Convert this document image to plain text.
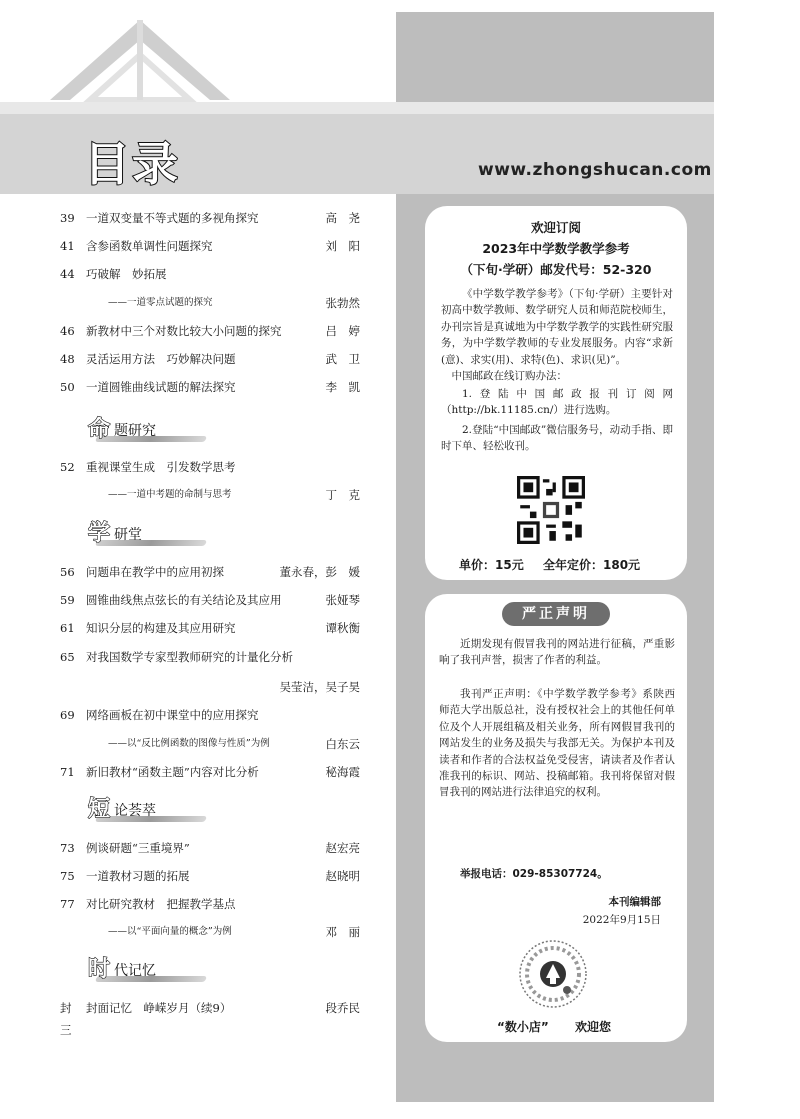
目录	www.zhongshucan.com
39 一道双变量不等式题的多视角探究	高　尧
41 含参函数单调性问题探究	刘　阳
44 巧破解　妙拓展
——一道零点试题的探究	张勃然
46 新教材中三个对数比较大小问题的探究	吕　婷
48 灵活运用方法　巧妙解决问题	武　卫
50 一道圆锥曲线试题的解法探究	李　凯
命 题研究
52 重视课堂生成　引发数学思考
——一道中考题的命制与思考	丁　克
学 研堂
56 问题串在教学中的应用初探	董永春，彭　媛
59 圆锥曲线焦点弦长的有关结论及其应用	张娅琴
61 知识分层的构建及其应用研究	谭秋衡
65 对我国数学专家型教师研究的计量化分析
吴莹洁，吴子昊
69 网络画板在初中课堂中的应用探究
——以“反比例函数的图像与性质”为例	白东云
71 新旧教材“函数主题”内容对比分析	秘海霞
短 论荟萃
73 例谈研题“三重境界”	赵宏亮
75 一道教材习题的拓展	赵晓明
77 对比研究教材　把握教学基点
——以“平面向量的概念”为例	邓　丽
时 代记忆
封三
封面记忆　峥嵘岁月（续9）	段乔民
欢迎订阅
2023年中学数学教学参考
（下旬·学研）邮发代号：52-320
《中学数学教学参考》（下旬·学研）主要针对初高中数学教师、数学研究人员和师范院校师生，办刊宗旨是真诚地为中学数学教学的实践性研究服务，为中学数学教师的专业发展服务。内容“求新(意)、求实(用)、求特(色)、求识(见)”。
中国邮政在线订购办法：
1.登陆中国邮政报刊订阅网（http://bk.11185.cn/）进行选购。
2.登陆“中国邮政”微信服务号，动动手指、即时下单、轻松收刊。
单价：15元 全年定价：180元
严正声明
近期发现有假冒我刊的网站进行征稿，严重影响了我刊声誉，损害了作者的利益。
我刊严正声明：《中学数学教学参考》系陕西师范大学出版总社，没有授权社会上的其他任何单位及个人开展组稿及相关业务，所有网假冒我刊的网站发生的业务及损失与我部无关。为保护本刊及读者和作者的合法权益免受侵害，请读者及作者认准我刊的标识、网站、投稿邮箱。我刊将保留对假冒我刊的网站进行法律追究的权利。
举报电话：029-85307724。
本刊编辑部
2022年9月15日
“数小店” 欢迎您
